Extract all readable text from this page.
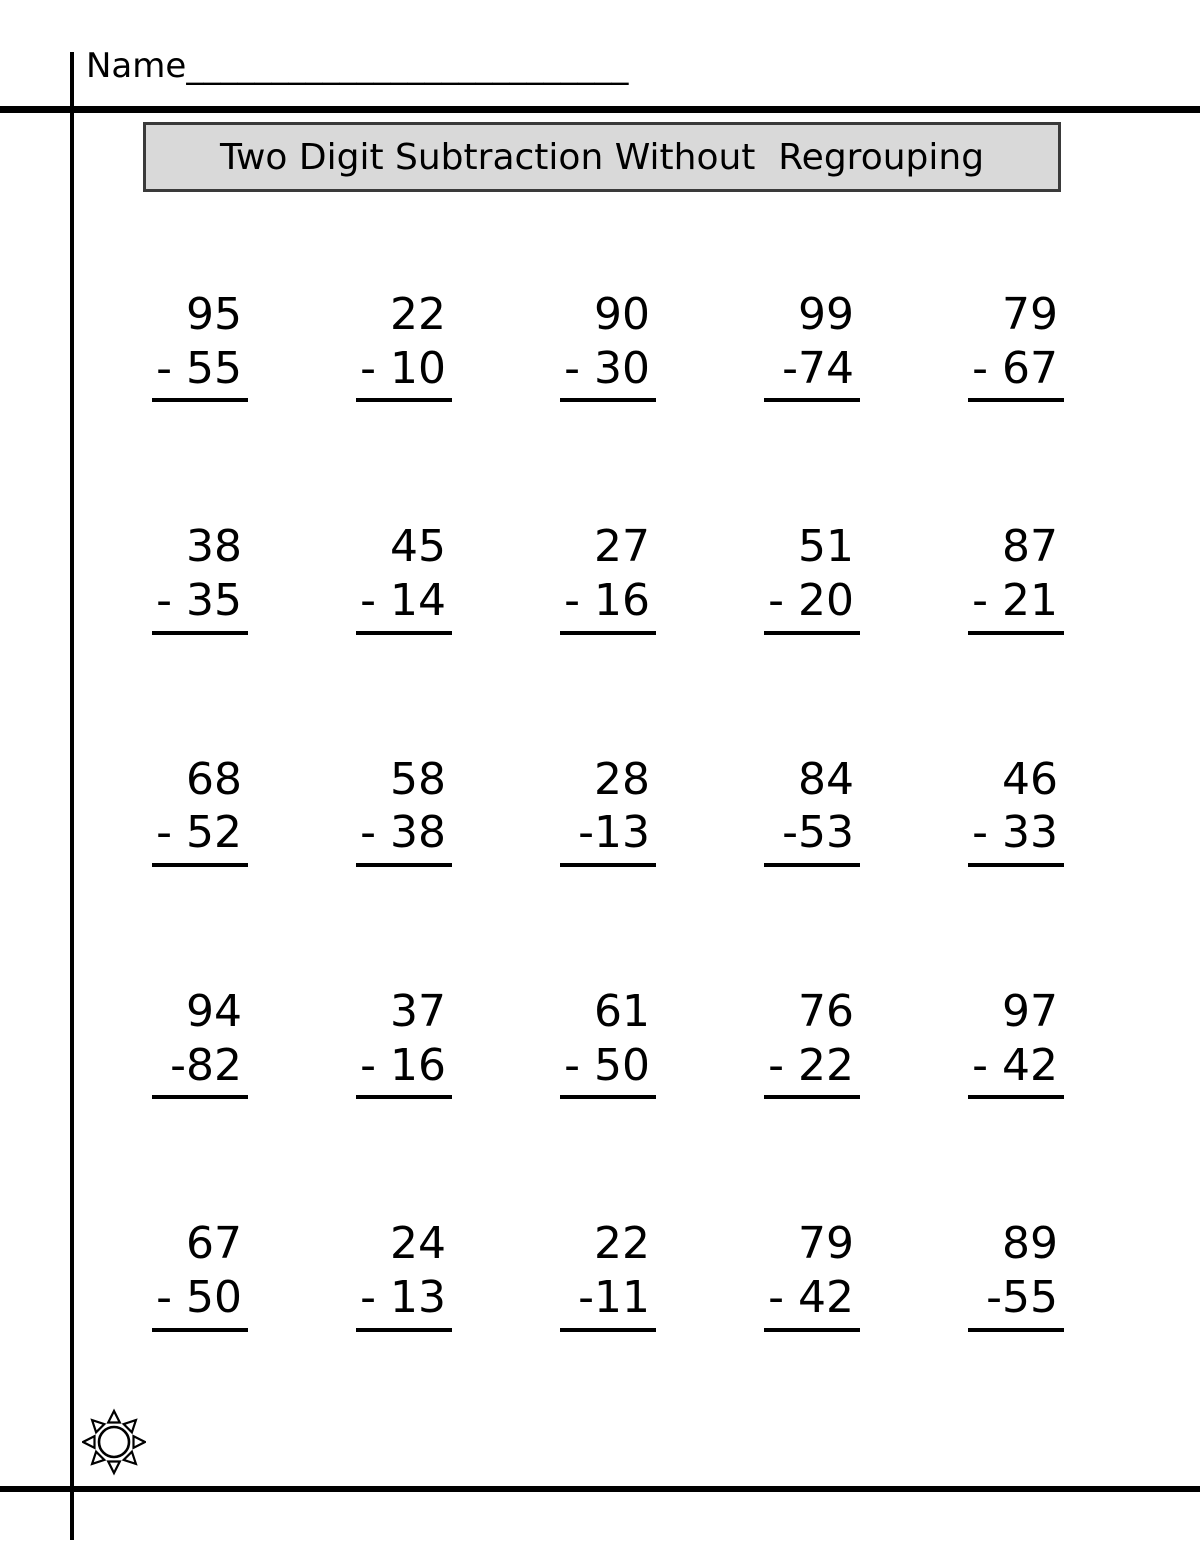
Name__________________________
Two Digit Subtraction Without  Regrouping
95
- 55
22
- 10
90
- 30
99
-74
79
- 67
38
- 35
45
- 14
27
- 16
51
- 20
87
- 21
68
- 52
58
- 38
28
-13
84
-53
46
- 33
94
-82
37
- 16
61
- 50
76
- 22
97
- 42
67
- 50
24
- 13
22
-11
79
- 42
89
-55
